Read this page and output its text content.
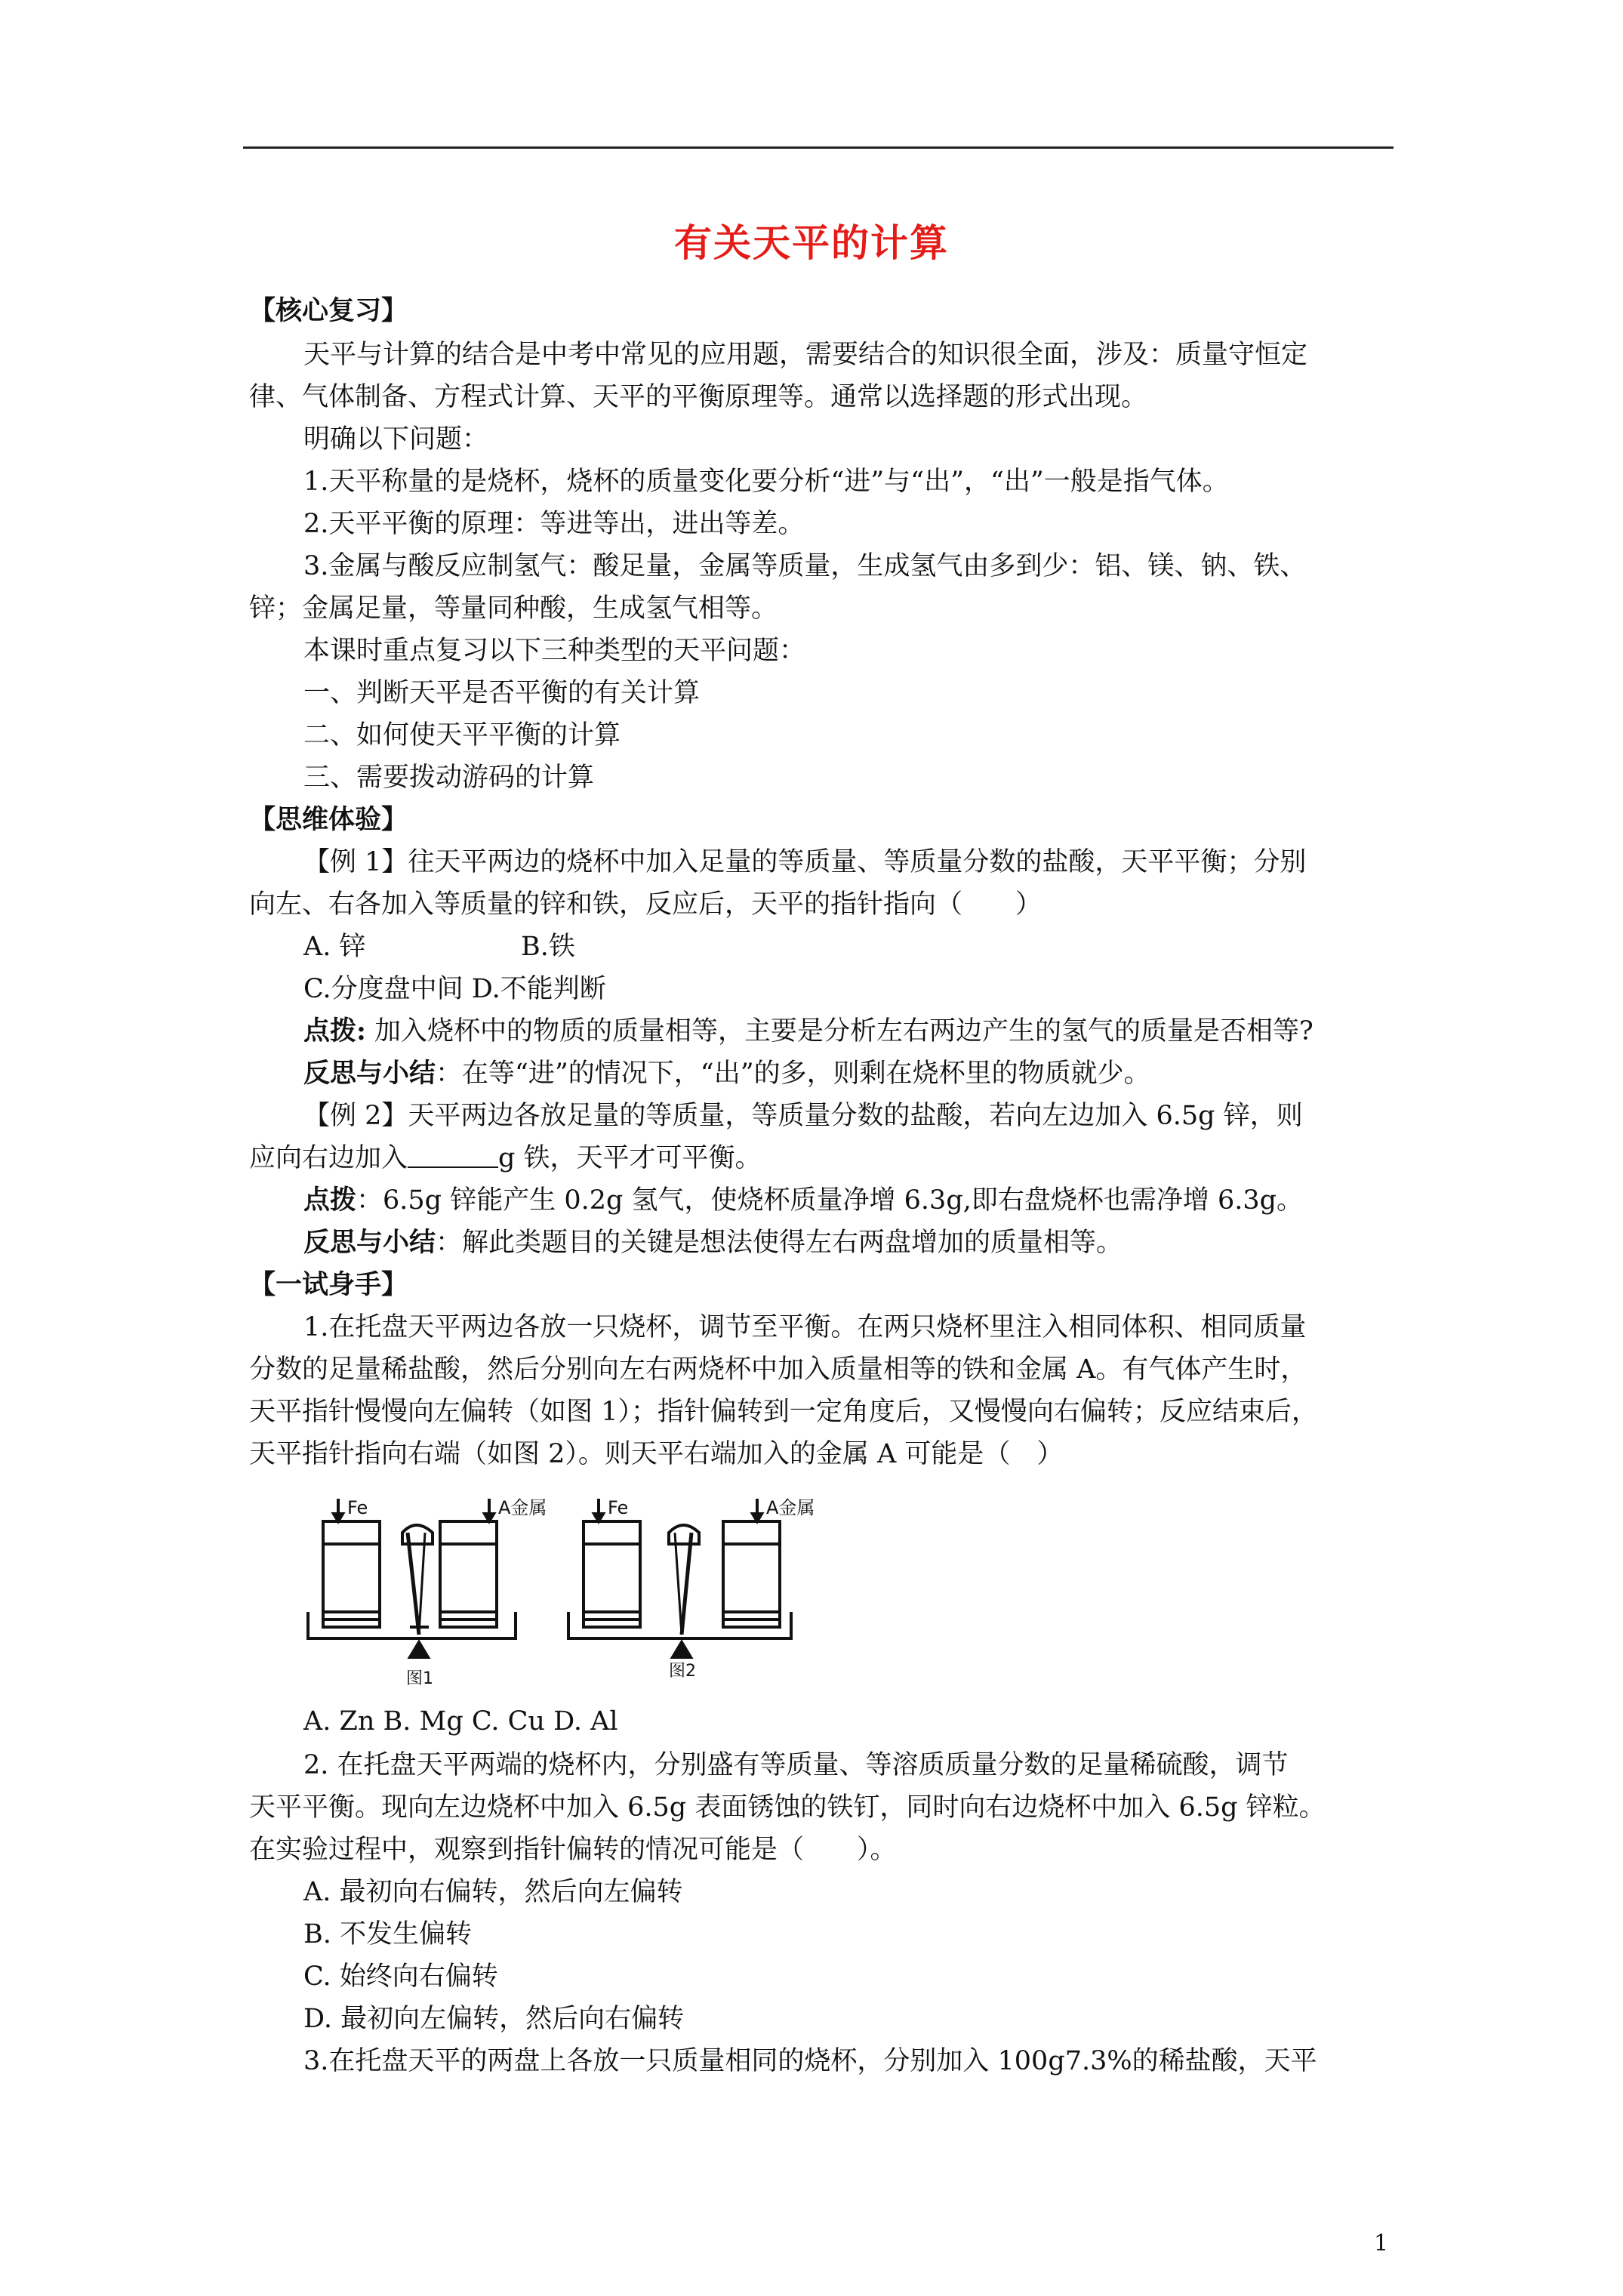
有关天平的计算
【核心复习】
天平与计算的结合是中考中常见的应用题，需要结合的知识很全面，涉及：质量守恒定
律、气体制备、方程式计算、天平的平衡原理等。通常以选择题的形式出现。
明确以下问题：
1.天平称量的是烧杯，烧杯的质量变化要分析“进”与“出”，“出”一般是指气体。
2.天平平衡的原理：等进等出，进出等差。
3.金属与酸反应制氢气：酸足量，金属等质量，生成氢气由多到少：铝、镁、钠、铁、
锌；金属足量，等量同种酸，生成氢气相等。
本课时重点复习以下三种类型的天平问题：
一、判断天平是否平衡的有关计算
二、如何使天平平衡的计算
三、需要拨动游码的计算
【思维体验】
【例 1】往天平两边的烧杯中加入足量的等质量、等质量分数的盐酸，天平平衡；分别
向左、右各加入等质量的锌和铁，反应后，天平的指针指向（　　）
A. 锌	B.铁
C.分度盘中间 D.不能判断
点拨: 加入烧杯中的物质的质量相等，主要是分析左右两边产生的氢气的质量是否相等?
反思与小结：在等“进”的情况下，“出”的多，则剩在烧杯里的物质就少。
【例 2】天平两边各放足量的等质量，等质量分数的盐酸，若向左边加入 6.5g 锌，则
应向右边加入	g 铁，天平才可平衡。
点拨：6.5g 锌能产生 0.2g 氢气，使烧杯质量净增 6.3g,即右盘烧杯也需净增 6.3g。
反思与小结：解此类题目的关键是想法使得左右两盘增加的质量相等。
【一试身手】
1.在托盘天平两边各放一只烧杯，调节至平衡。在两只烧杯里注入相同体积、相同质量
分数的足量稀盐酸，然后分别向左右两烧杯中加入质量相等的铁和金属 A。有气体产生时，
天平指针慢慢向左偏转（如图 1）；指针偏转到一定角度后，又慢慢向右偏转；反应结束后，
天平指针指向右端（如图 2）。则天平右端加入的金属 A 可能是（　）
Fe	A金属
图1
Fe	A金属
图2
A. Zn B. Mg C. Cu D. Al
2. 在托盘天平两端的烧杯内，分别盛有等质量、等溶质质量分数的足量稀硫酸，调节
天平平衡。现向左边烧杯中加入 6.5g 表面锈蚀的铁钉，同时向右边烧杯中加入 6.5g 锌粒。
在实验过程中，观察到指针偏转的情况可能是（　　）。
A. 最初向右偏转，然后向左偏转
B. 不发生偏转
C. 始终向右偏转
D. 最初向左偏转，然后向右偏转
3.在托盘天平的两盘上各放一只质量相同的烧杯，分别加入 100g7.3%的稀盐酸，天平
1
